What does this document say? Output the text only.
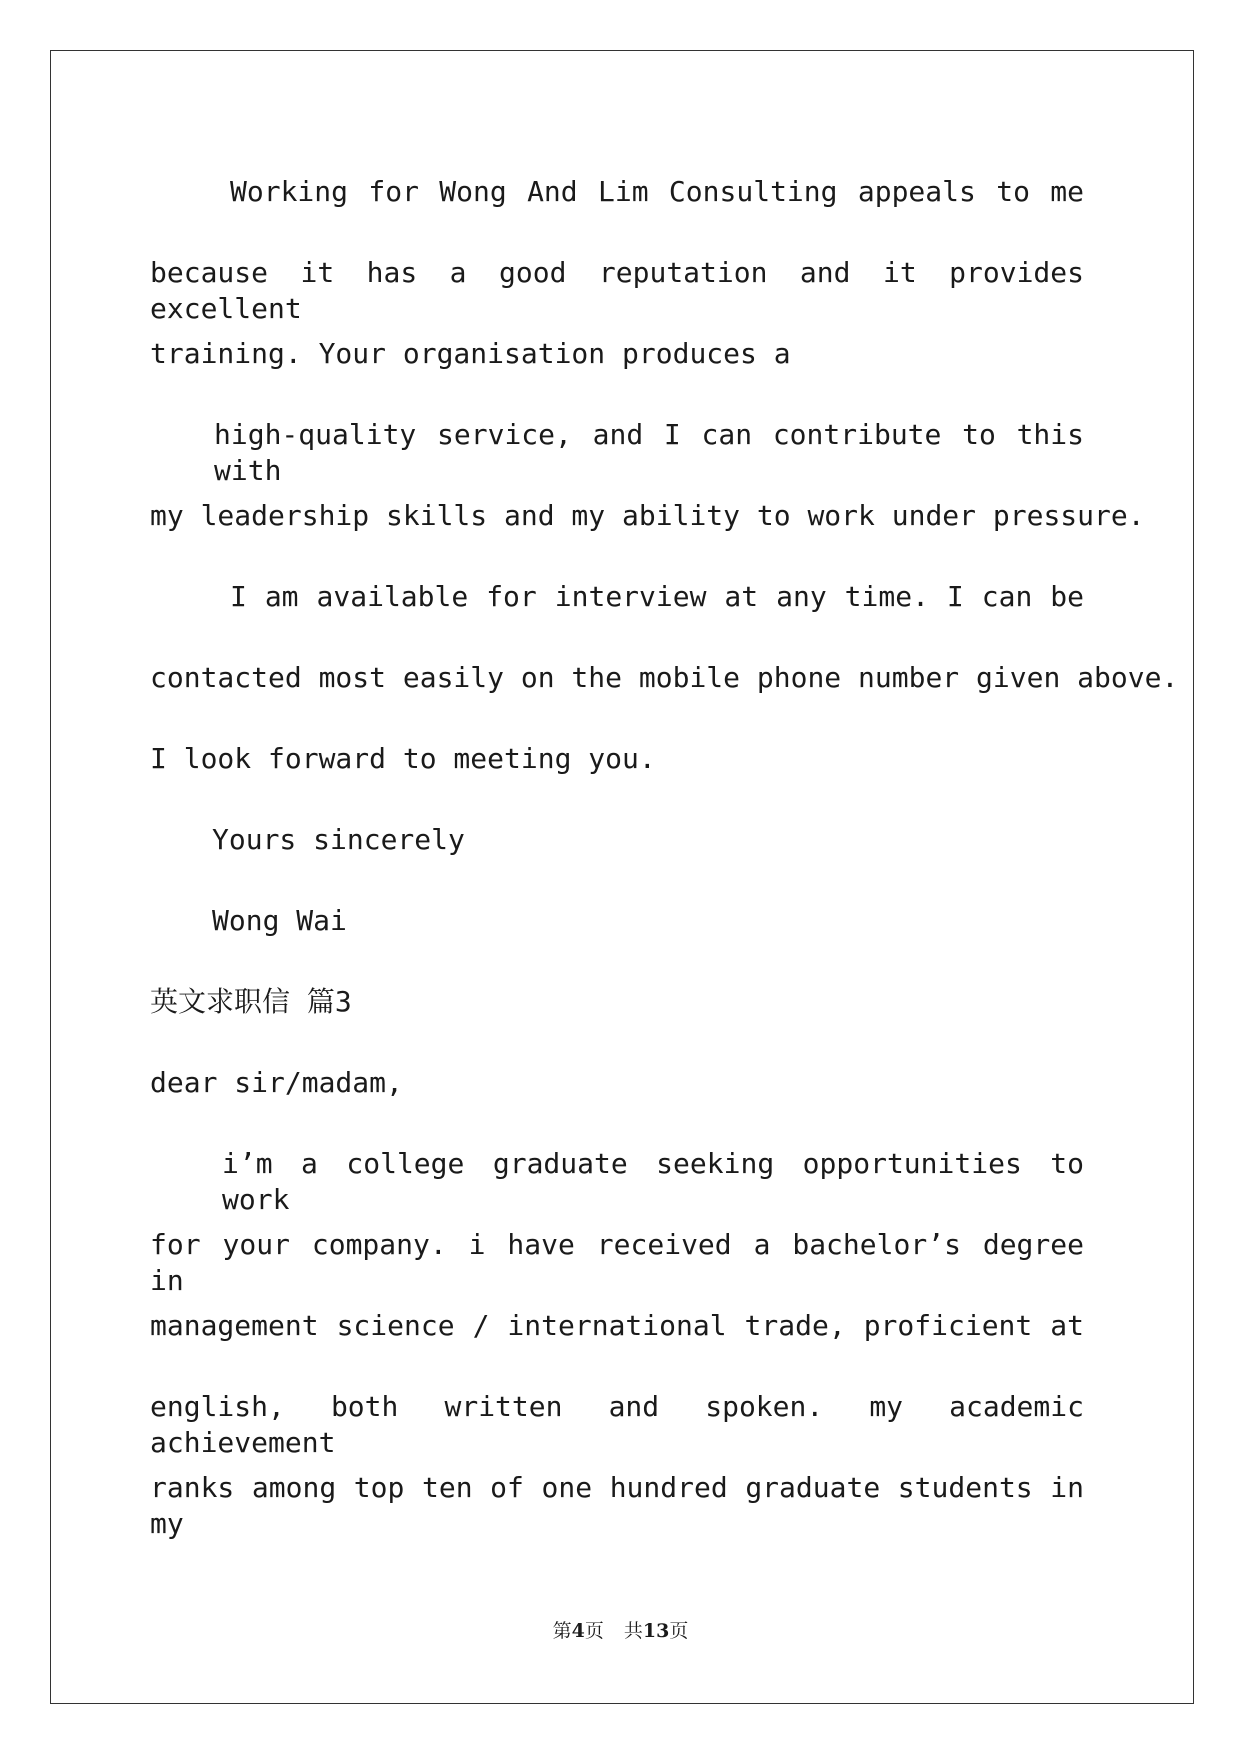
Working for Wong And Lim Consulting appeals to me
because it has a good reputation and it provides excellent
training. Your organisation produces a
high-quality service, and I can contribute to this with
my leadership skills and my ability to work under pressure.
I am available for interview at any time. I can be
contacted most easily on the mobile phone number given above.
I look forward to meeting you.
Yours sincerely
Wong Wai
英文求职信 篇3
dear sir/madam,
i’m a college graduate seeking opportunities to work
for your company. i have received a bachelor’s degree in
management science / international trade, proficient at
english, both written and spoken. my academic achievement
ranks among top ten of one hundred graduate students in my
第4页 共13页
